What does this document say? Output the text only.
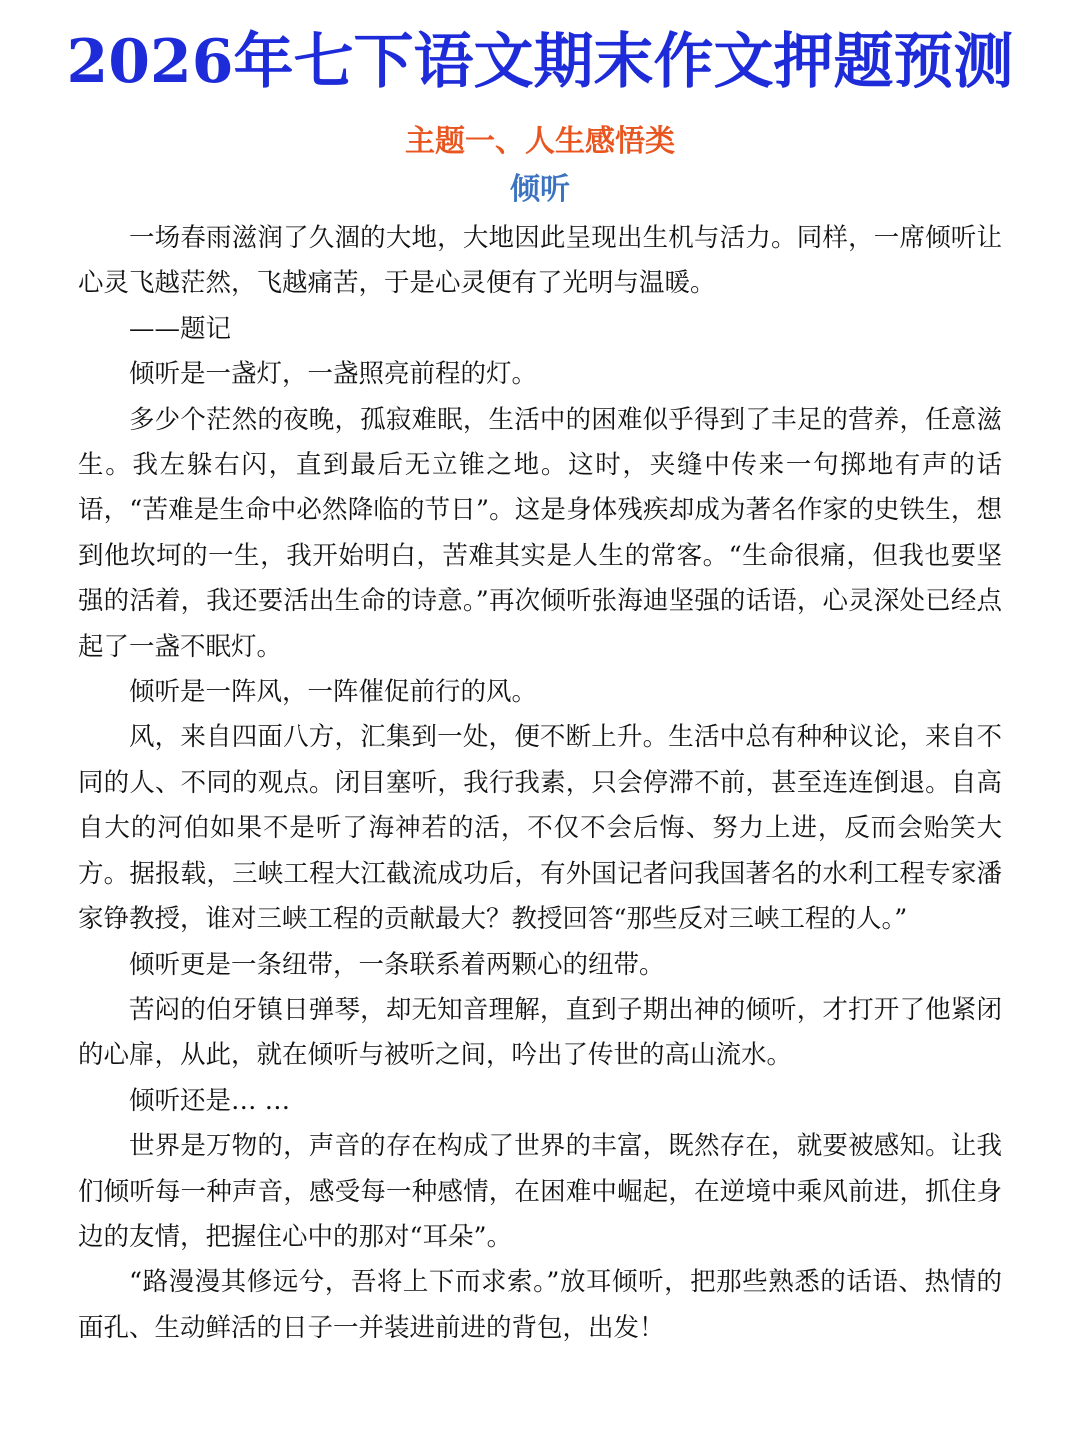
2026年七下语文期末作文押题预测
主题一、人生感悟类
倾听

一场春雨滋润了久涸的大地，大地因此呈现出生机与活力。同样，一席倾听让心灵飞越茫然，飞越痛苦，于是心灵便有了光明与温暖。

——题记

倾听是一盏灯，一盏照亮前程的灯。

多少个茫然的夜晚，孤寂难眠，生活中的困难似乎得到了丰足的营养，任意滋生。我左躲右闪，直到最后无立锥之地。这时，夹缝中传来一句掷地有声的话语，“苦难是生命中必然降临的节日”。这是身体残疾却成为著名作家的史铁生，想到他坎坷的一生，我开始明白，苦难其实是人生的常客。“生命很痛，但我也要坚强的活着，我还要活出生命的诗意。”再次倾听张海迪坚强的话语，心灵深处已经点起了一盏不眠灯。

倾听是一阵风，一阵催促前行的风。

风，来自四面八方，汇集到一处，便不断上升。生活中总有种种议论，来自不同的人、不同的观点。闭目塞听，我行我素，只会停滞不前，甚至连连倒退。自高自大的河伯如果不是听了海神若的活，不仅不会后悔、努力上进，反而会贻笑大方。据报载，三峡工程大江截流成功后，有外国记者问我国著名的水利工程专家潘家铮教授，谁对三峡工程的贡献最大？教授回答“那些反对三峡工程的人。”

倾听更是一条纽带，一条联系着两颗心的纽带。

苦闷的伯牙镇日弹琴，却无知音理解，直到子期出神的倾听，才打开了他紧闭的心扉，从此，就在倾听与被听之间，吟出了传世的高山流水。

倾听还是… …

世界是万物的，声音的存在构成了世界的丰富，既然存在，就要被感知。让我们倾听每一种声音，感受每一种感情，在困难中崛起，在逆境中乘风前进，抓住身边的友情，把握住心中的那对“耳朵”。

“路漫漫其修远兮，吾将上下而求索。”放耳倾听，把那些熟悉的话语、热情的面孔、生动鲜活的日子一并装进前进的背包，出发！
